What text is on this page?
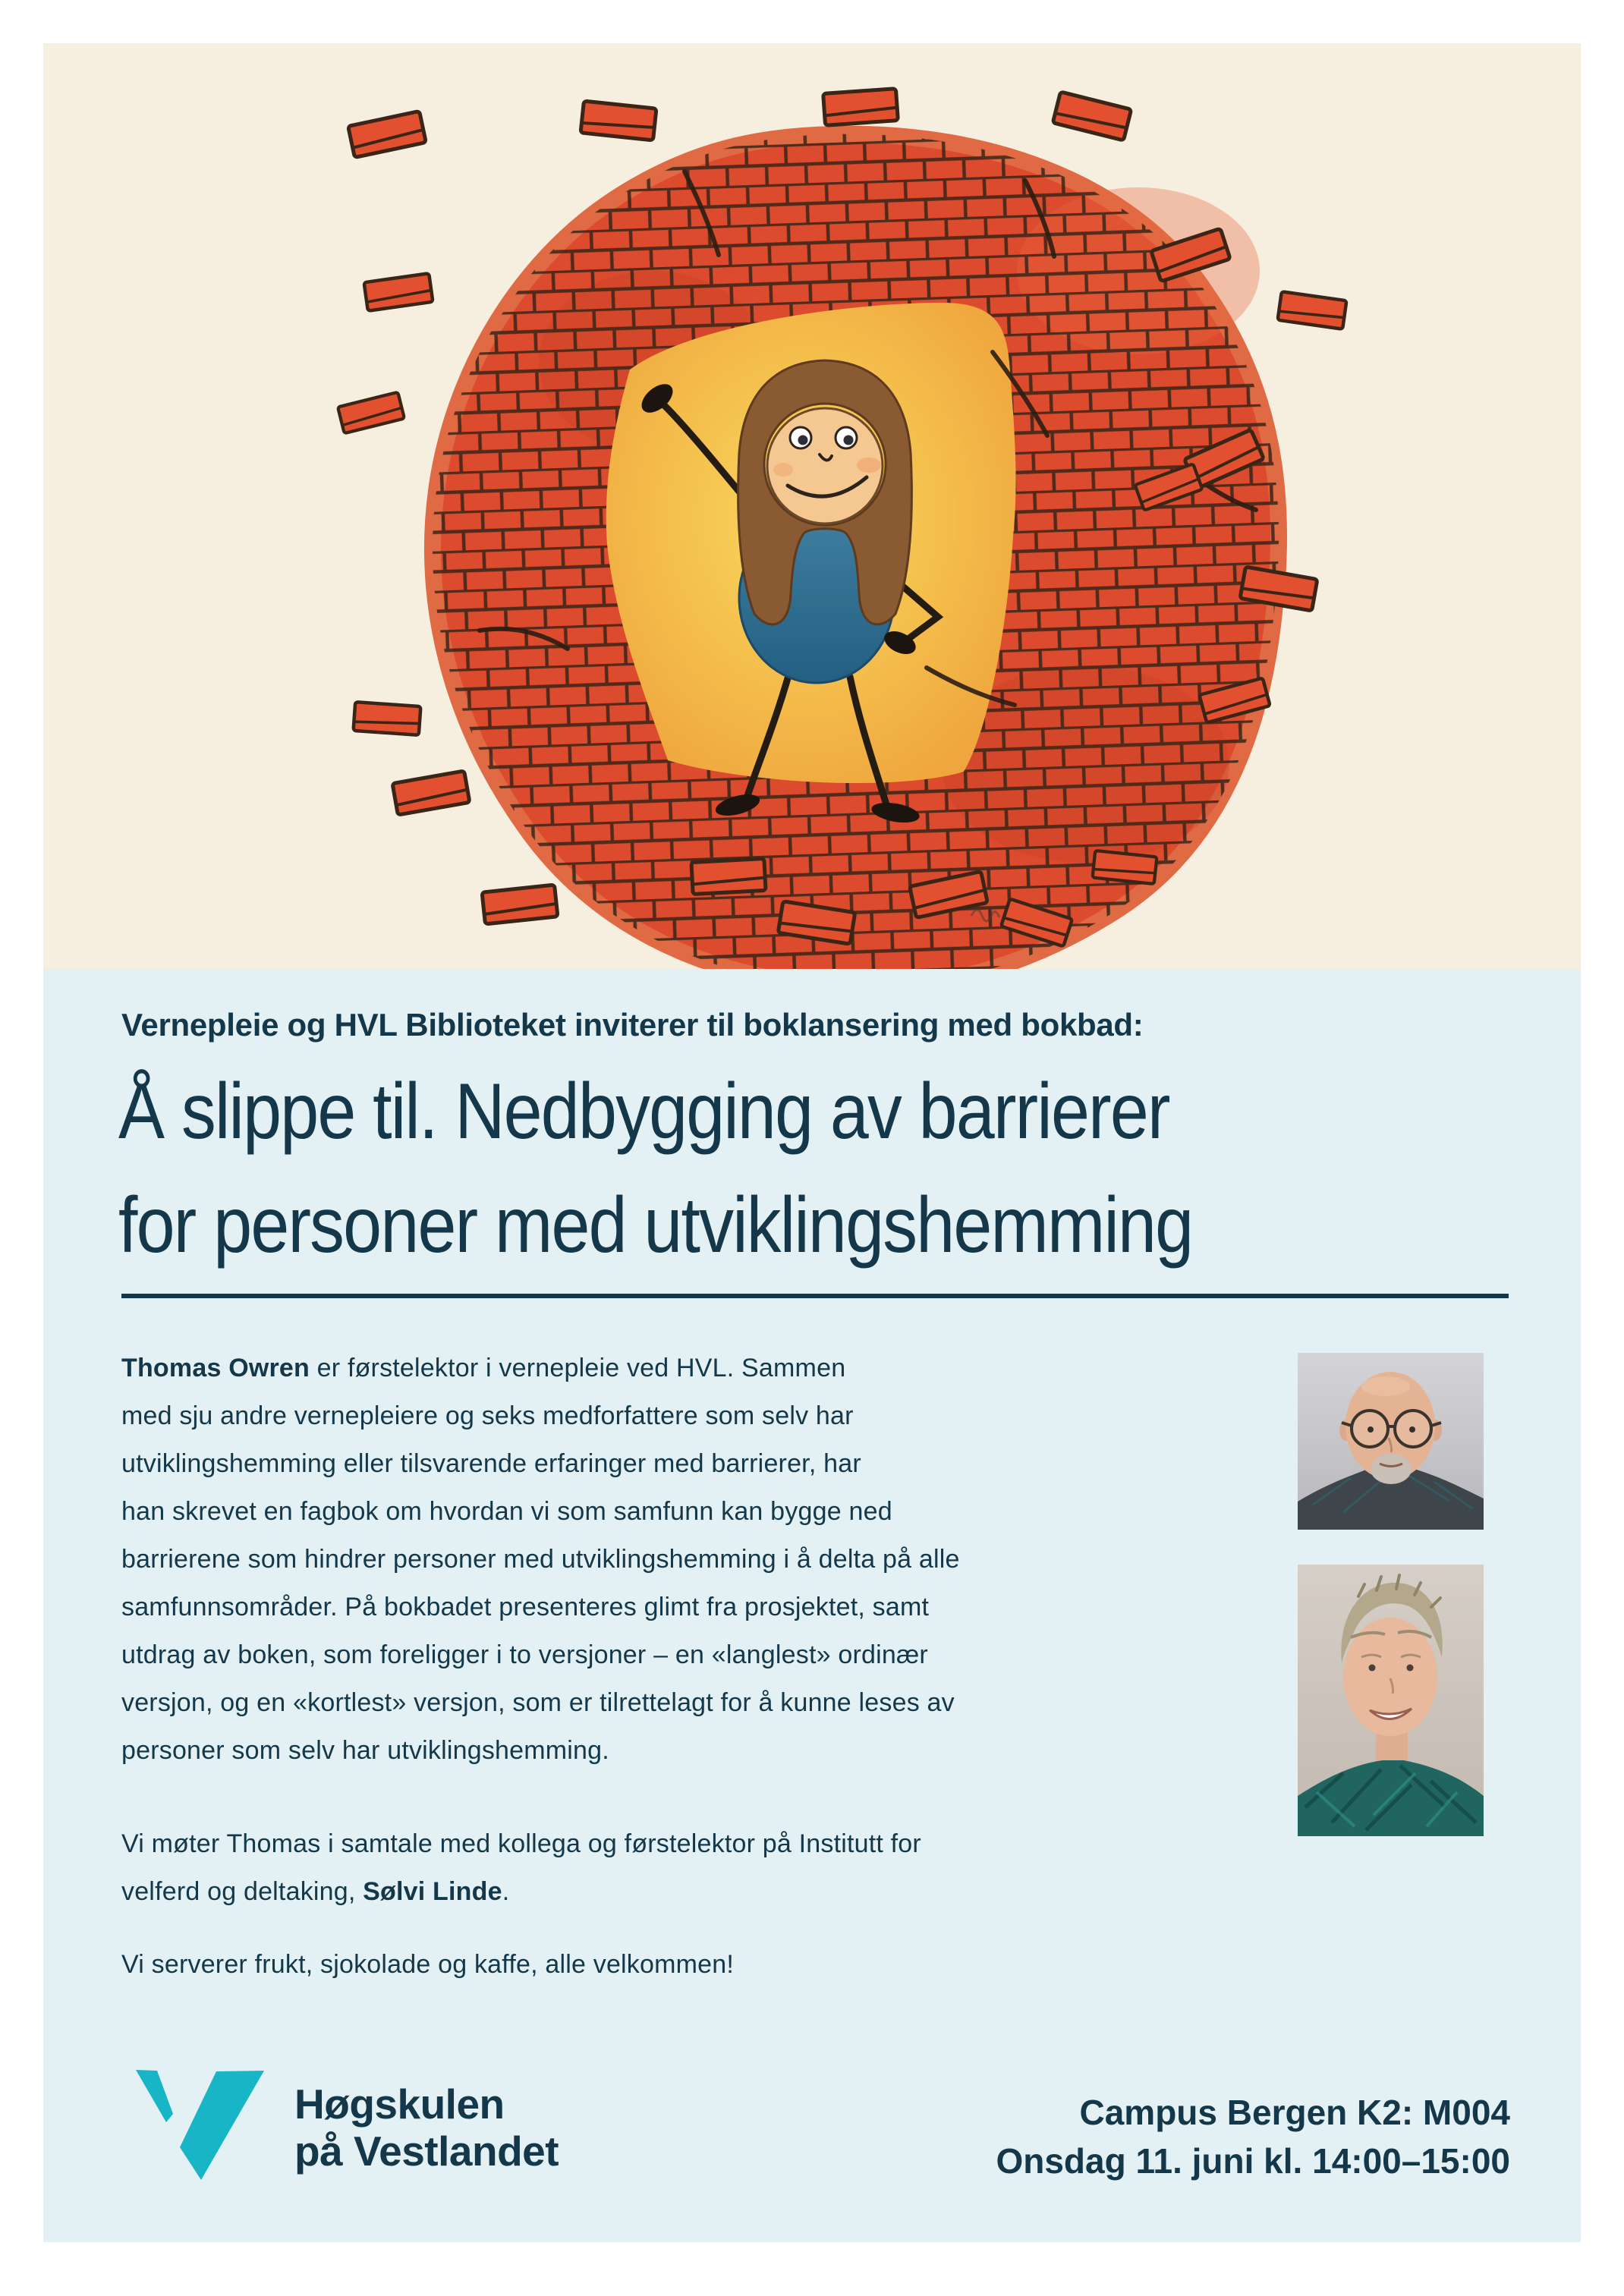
Vernepleie og HVL Biblioteket inviterer til boklansering med bokbad:
Å slippe til. Nedbygging av barrierer
for personer med utviklingshemming
Thomas Owren er førstelektor i vernepleie ved HVL. Sammen
med sju andre vernepleiere og seks medforfattere som selv har
utviklingshemming eller tilsvarende erfaringer med barrierer, har
han skrevet en fagbok om hvordan vi som samfunn kan bygge ned
barrierene som hindrer personer med utviklingshemming i å delta på alle
samfunnsområder. På bokbadet presenteres glimt fra prosjektet, samt
utdrag av boken, som foreligger i to versjoner – en «langlest» ordinær
versjon, og en «kortlest» versjon, som er tilrettelagt for å kunne leses av
personer som selv har utviklingshemming.
Vi møter Thomas i samtale med kollega og førstelektor på Institutt for
velferd og deltaking, Sølvi Linde.
Vi serverer frukt, sjokolade og kaffe, alle velkommen!
Høgskulen
på Vestlandet
Campus Bergen K2: M004
Onsdag 11. juni kl. 14:00–15:00
